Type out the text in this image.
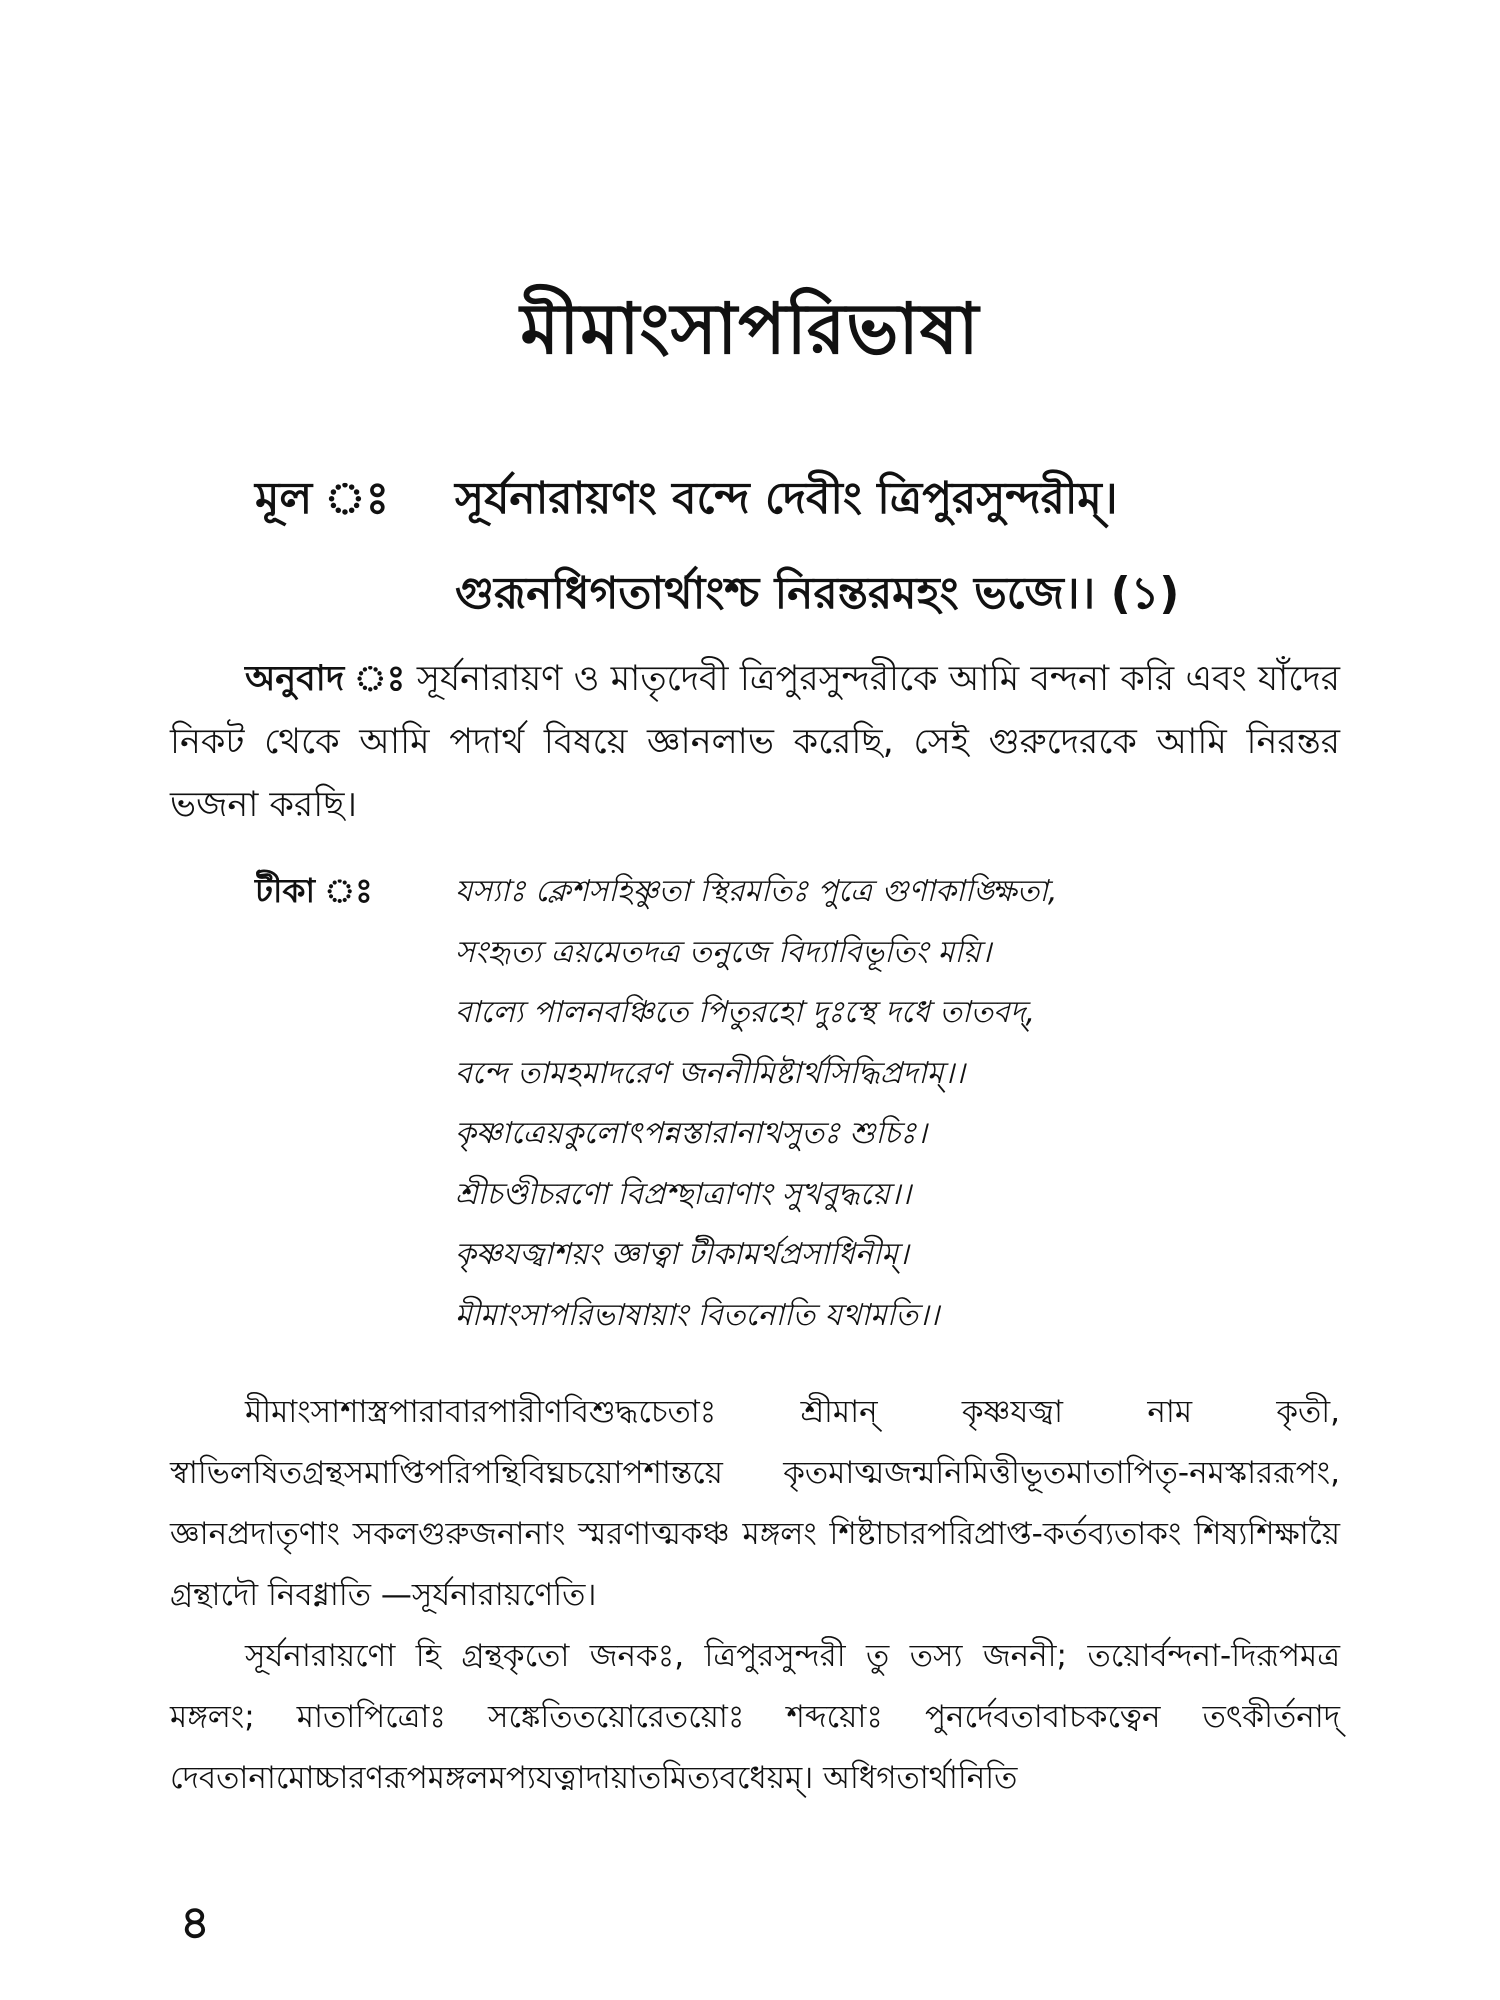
মীমাংসাপরিভাষা
মূল ঃ সূর্যনারায়ণং বন্দে দেবীং ত্রিপুরসুন্দরীম্।
গুরূনধিগতার্থাংশ্চ নিরন্তরমহং ভজে।। (১)
অনুবাদ ঃ সূর্যনারায়ণ ও মাতৃদেবী ত্রিপুরসুন্দরীকে আমি বন্দনা করি এবং যাঁদের নিকট থেকে আমি পদার্থ বিষয়ে জ্ঞানলাভ করেছি, সেই গুরুদেরকে আমি নিরন্তর ভজনা করছি।
টীকা ঃ	যস্যাঃ ক্লেশসহিষ্ণুতা স্থিরমতিঃ পুত্রে গুণাকাঙ্ক্ষিতা,
সংহৃত্য ত্রয়মেতদত্র তনুজে বিদ্যাবিভূতিং ময়ি।
বাল্যে পালনবঞ্চিতে পিতুরহো দুঃস্থে দধে তাতবদ্,
বন্দে তামহমাদরেণ জননীমিষ্টার্থসিদ্ধিপ্রদাম্।।
কৃষ্ণাত্রেয়কুলোৎপন্নস্তারানাথসুতঃ শুচিঃ।
শ্রীচণ্ডীচরণো বিপ্রশ্ছাত্রাণাং সুখবুদ্ধয়ে।।
কৃষ্ণযজ্বাশয়ং জ্ঞাত্বা টীকামর্থপ্রসাধিনীম্।
মীমাংসাপরিভাষায়াং বিতনোতি যথামতি।।
মীমাংসাশাস্ত্রপারাবারপারীণবিশুদ্ধচেতাঃ শ্রীমান্ কৃষ্ণযজ্বা নাম কৃতী, স্বাভিলষিতগ্রন্থসমাপ্তিপরিপন্থিবিঘ্নচয়োপশান্তয়ে কৃতমাত্মজন্মনিমিত্তীভূতমাতাপিতৃ-নমস্কাররূপং, জ্ঞানপ্রদাতৃণাং সকলগুরুজনানাং স্মরণাত্মকঞ্চ মঙ্গলং শিষ্টাচারপরিপ্রাপ্ত-কর্তব্যতাকং শিষ্যশিক্ষায়ৈ গ্রন্থাদৌ নিবধ্নাতি —সূর্যনারায়ণেতি।
সূর্যনারায়ণো হি গ্রন্থকৃতো জনকঃ, ত্রিপুরসুন্দরী তু তস্য জননী; তয়োর্বন্দনা-দিরূপমত্র মঙ্গলং; মাতাপিত্রোঃ সঙ্কেতিতয়োরেতয়োঃ শব্দয়োঃ পুনর্দেবতাবাচকত্বেন তৎকীর্তনাদ্ দেবতানামোচ্চারণরূপমঙ্গলমপ্যযত্নাদায়াতমিত্যবধেয়ম্। অধিগতার্থানিতি
৪
